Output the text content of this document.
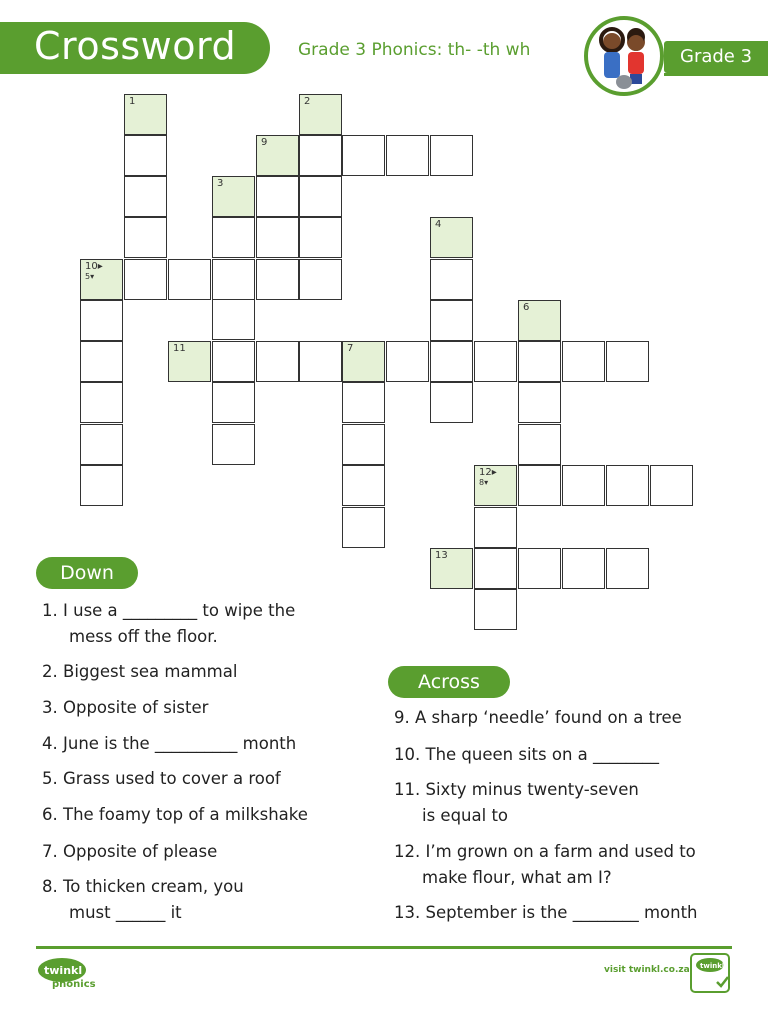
Crossword	Grade 3 Phonics: th- -th wh	Grade 3
1	2
9
3
10▸
5▾
4
6
11	7
12▸
8▾
13
Down
1. I use a _________ to wipe the
mess off the floor.
2. Biggest sea mammal
3. Opposite of sister
4. June is the __________ month
5. Grass used to cover a roof
6. The foamy top of a milkshake
7. Opposite of please
8. To thicken cream, you
must ______ it
Across
9. A sharp ‘needle’ found on a tree
10. The queen sits on a ________
11. Sixty minus twenty-seven
is equal to
12. I’m grown on a farm and used to
make flour, what am I?
13. September is the ________ month
twinkl
phonics
visit twinkl.co.za twinkl
